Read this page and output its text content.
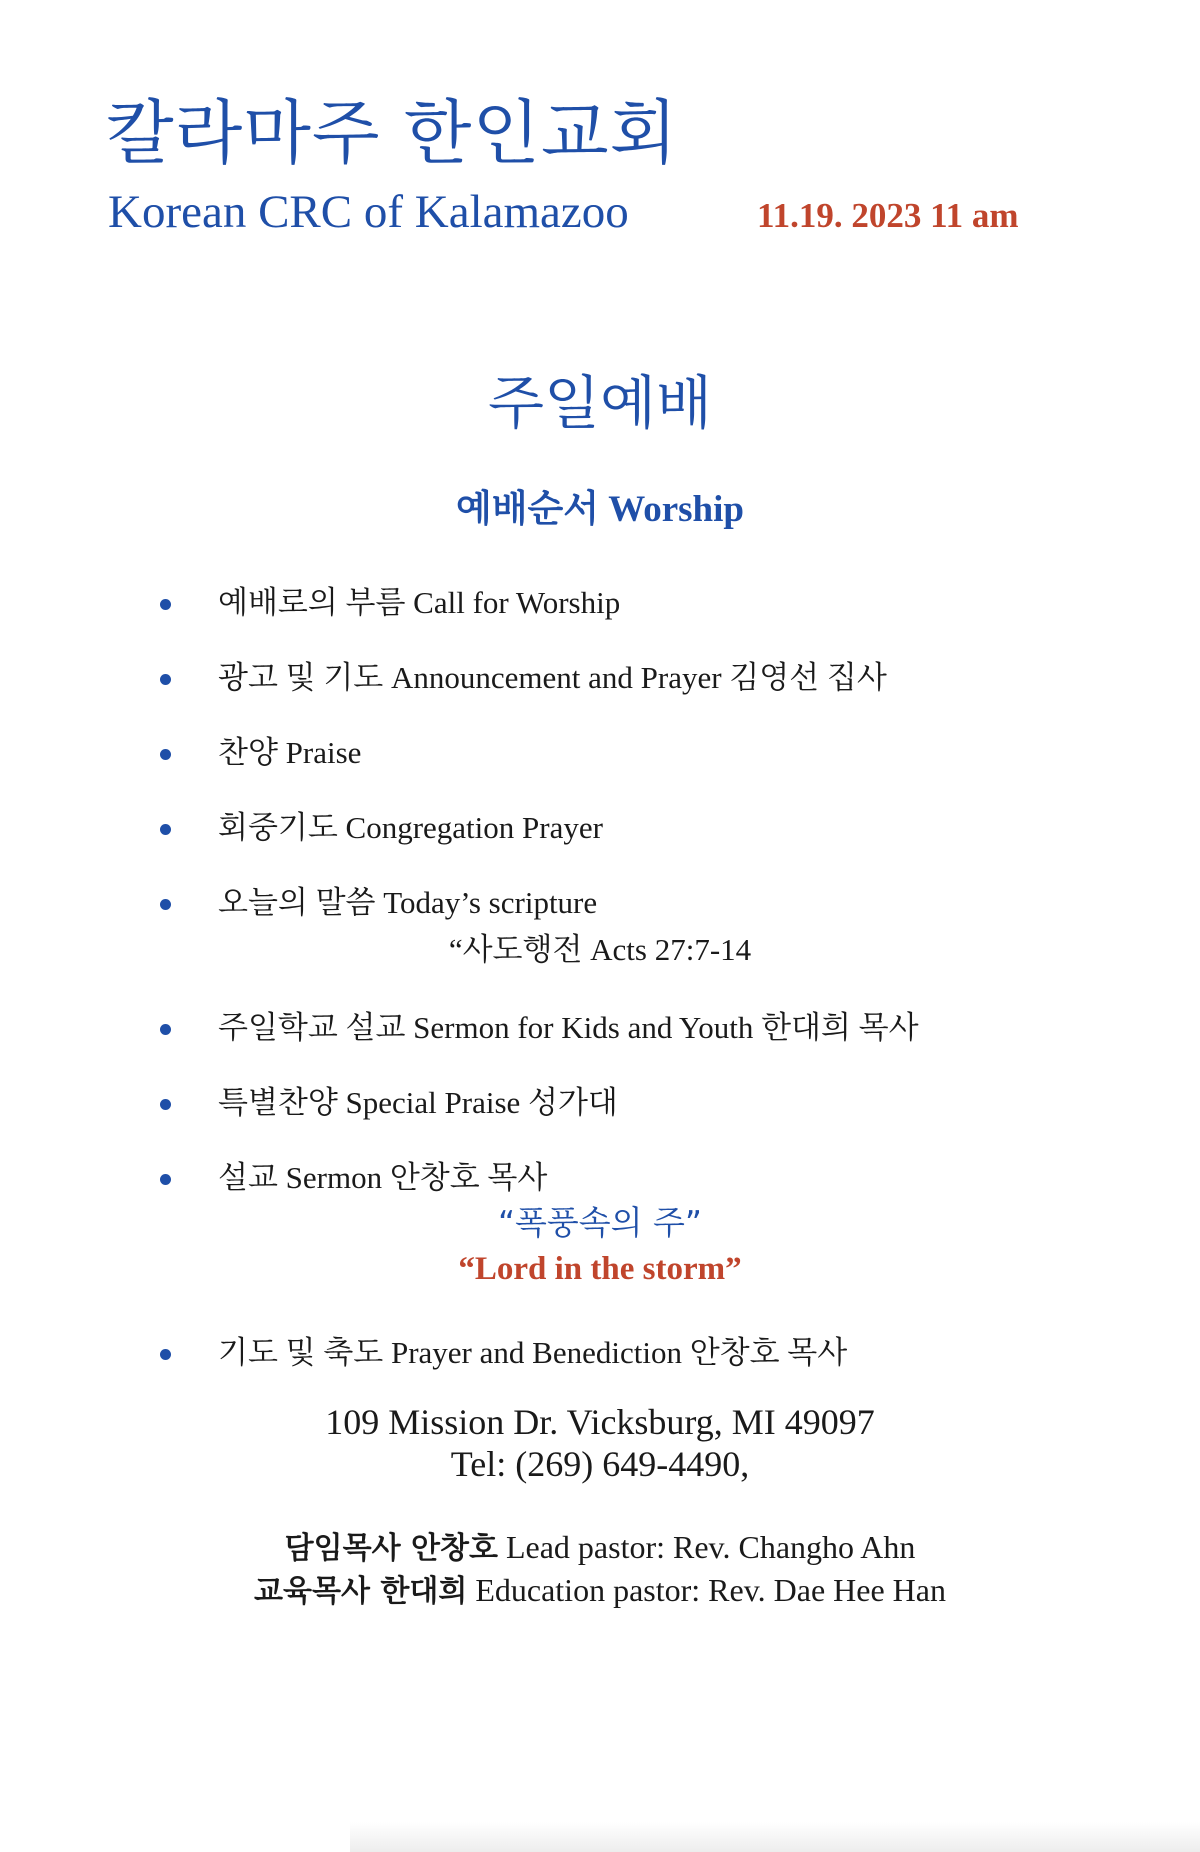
칼라마주 한인교회
Korean CRC of Kalamazoo	11.19. 2023 11 am
주일예배
예배순서 Worship
예배로의 부름 Call for Worship
광고 및 기도 Announcement and Prayer 김영선 집사
찬양 Praise
회중기도 Congregation Prayer
오늘의 말씀 Today’s scripture
“사도행전 Acts 27:7-14
주일학교 설교 Sermon for Kids and Youth 한대희 목사
특별찬양 Special Praise 성가대
설교 Sermon 안창호 목사
“폭풍속의 주”
“Lord in the storm”
기도 및 축도 Prayer and Benediction 안창호 목사
109 Mission Dr. Vicksburg, MI 49097
Tel: (269) 649-4490,
담임목사 안창호 Lead pastor: Rev. Changho Ahn
교육목사 한대희 Education pastor: Rev. Dae Hee Han
